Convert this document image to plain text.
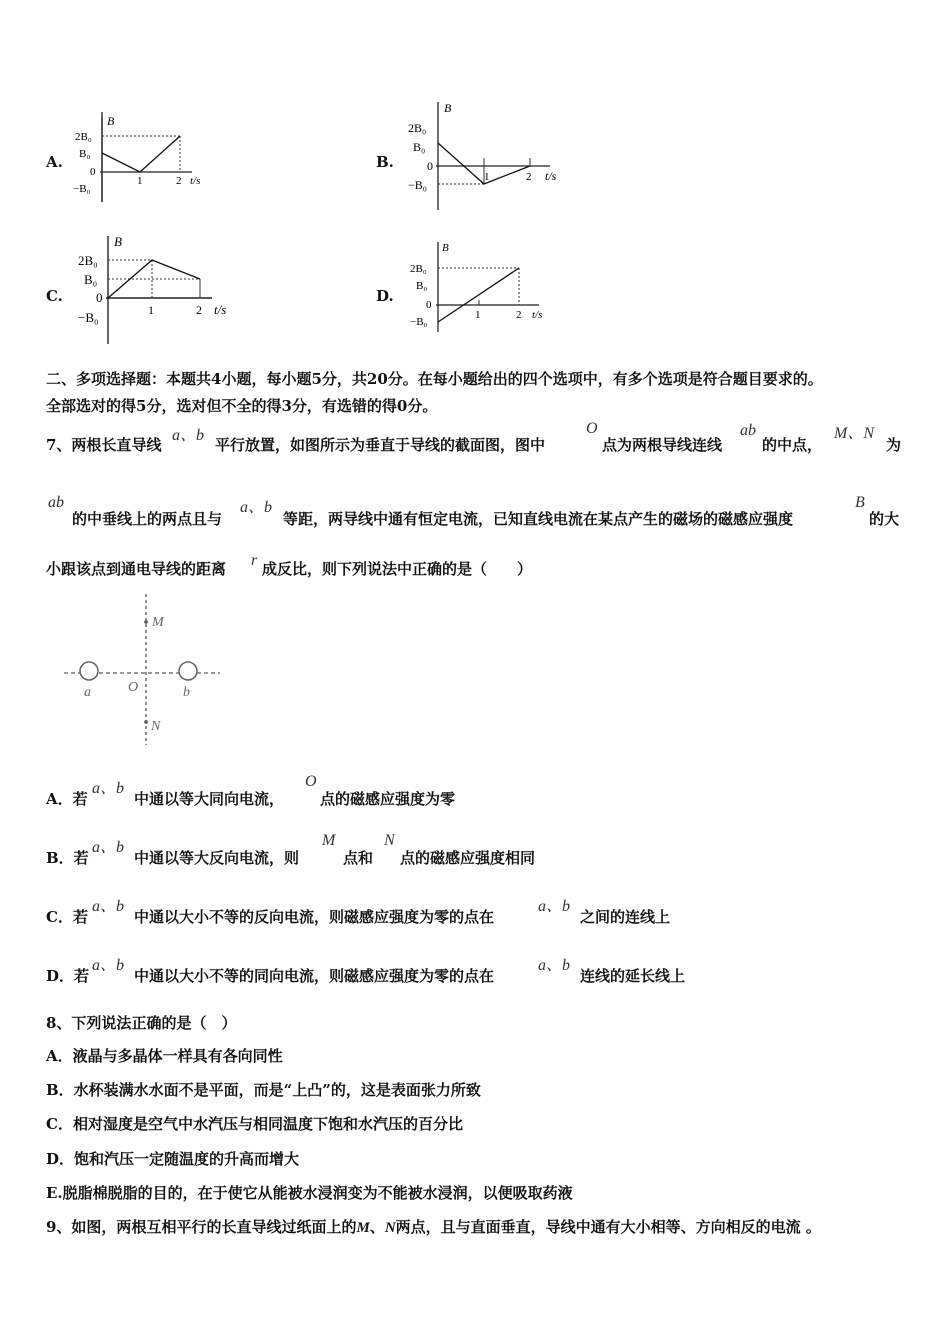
A.
B
2B₀
B₀
0
−B₀
1	2 t/s
B.
B
2B₀
B₀
0
−B₀
1	2 t/s
C.
B
2B₀
B₀
0
−B₀	1	2 t/s
D.
B
2B₀
B₀
0
−B₀
1	2 t/s
二、多项选择题：本题共4小题，每小题5分，共20分。在每小题给出的四个选项中，有多个选项是符合题目要求的。
全部选对的得5分，选对但不全的得3分，有选错的得0分。
7、两根长直导线
a、b
平行放置，如图所示为垂直于导线的截面图，图中
O
点为两根导线连线
ab
的中点，
M、N
为
ab
的中垂线上的两点且与
a、b
等距，两导线中通有恒定电流，已知直线电流在某点产生的磁场的磁感应强度
B
的大
小跟该点到通电导线的距离 r 成反比，则下列说法中正确的是（　　）
M
N
a	b
O
A．若
a、b
中通以等大同向电流，
O
点的磁感应强度为零
B．若
a、b
中通以等大反向电流，则
M
点和
N
点的磁感应强度相同
C．若
a、b
中通以大小不等的反向电流，则磁感应强度为零的点在
a、b
之间的连线上
D．若
a、b
中通以大小不等的同向电流，则磁感应强度为零的点在
a、b
连线的延长线上
8、下列说法正确的是（　）
A．液晶与多晶体一样具有各向同性
B．水杯装满水水面不是平面，而是“上凸”的，这是表面张力所致
C．相对湿度是空气中水汽压与相同温度下饱和水汽压的百分比
D．饱和汽压一定随温度的升高而增大
E.脱脂棉脱脂的目的，在于使它从能被水浸润变为不能被水浸润，以便吸取药液
9、如图，两根互相平行的长直导线过纸面上的M、N两点，且与直面垂直，导线中通有大小相等、方向相反的电流 。
